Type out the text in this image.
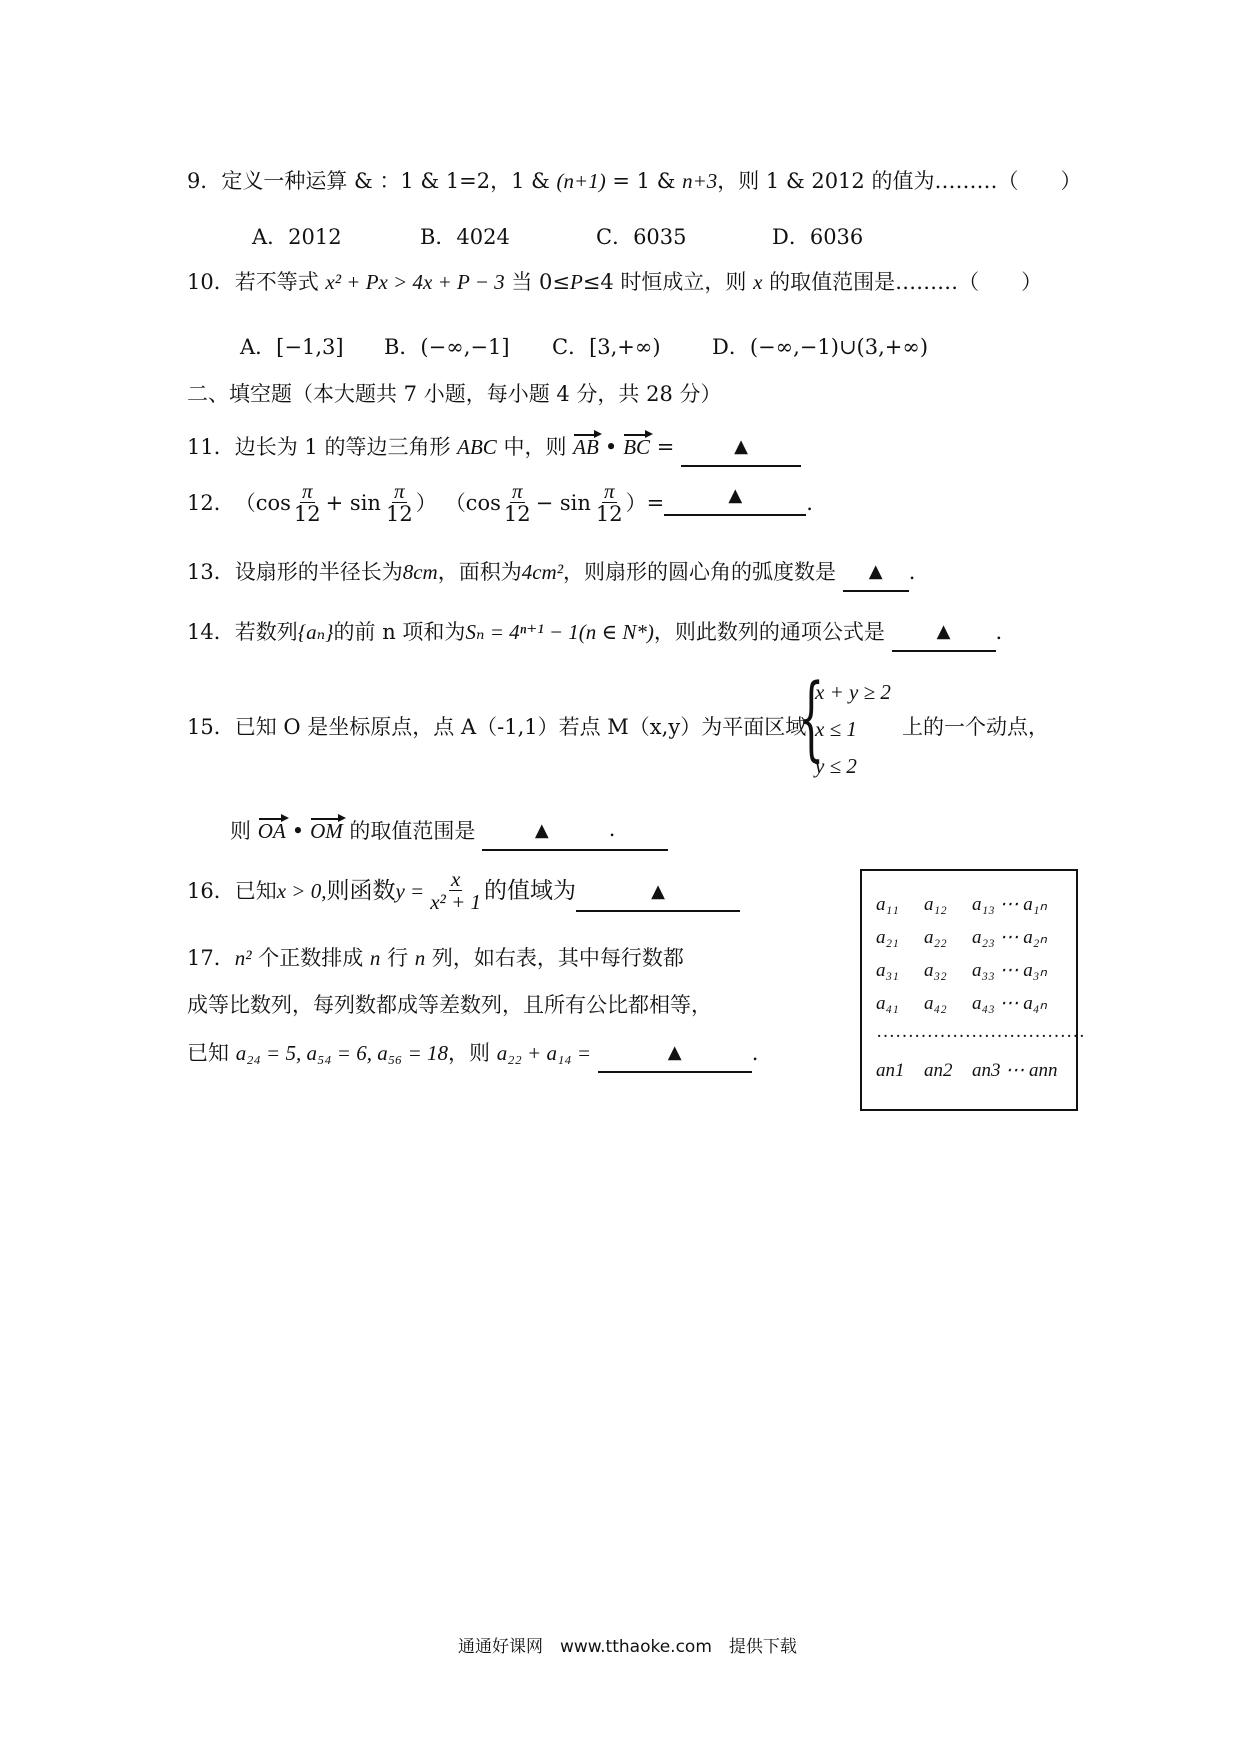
9．定义一种运算 & ：1 & 1=2，1 & (n+1) = 1 & n+3，则 1 & 2012 的值为………（　　）
A．2012	B．4024	C．6035	D．6036
10．若不等式 x² + Px > 4x + P − 3 当 0≤P≤4 时恒成立，则 x 的取值范围是………（　　）
A．[−1,3] B．(−∞,−1] C．[3,+∞) D．(−∞,−1)∪(3,+∞)
二、填空题（本大题共 7 小题，每小题 4 分，共 28 分）
11．边长为 1 的等边三角形 ABC 中，则 AB • BC =	▲
12． （$\cos \frac{\pi}{12} + \sin \frac{\pi}{12}$ ） （$\cos \frac{\pi}{12} - \sin \frac{\pi}{12}$ ）=	▲	.
13．设扇形的半径长为8cm，面积为4cm²，则扇形的圆心角的弧度数是 ▲ .
14．若数列{aₙ}的前 n 项和为Sₙ = 4ⁿ⁺¹ − 1(n ∈ N*)，则此数列的通项公式是	▲ .
15．已知 O 是坐标原点，点 A（-1,1）若点 M（x,y）为平面区域
{
x + y ≥ 2
x ≤ 1
y ≤ 2
上的一个动点，
则 OA • OM 的取值范围是	▲	.
16． 已知 x > 0, 则函数 $y = \frac{x}{\text{x² + 1}}$ 的值域为	▲
17．n² 个正数排成 n 行 n 列，如右表，其中每行数都
成等比数列，每列数都成等差数列，且所有公比都相等，
已知 a₂₄ = 5, a₅₄ = 6, a₅₆ = 18，则 a₂₂ + a₁₄ =	▲	.
a₁₁ a₁₂ a₁₃ ⋯ a₁ₙ
a₂₁ a₂₂ a₂₃ ⋯ a₂ₙ
a₃₁ a₃₂ a₃₃ ⋯ a₃ₙ
a₄₁ a₄₂ a₄₃ ⋯ a₄ₙ
……………………………
an1 an2 an3 ⋯ ann
通通好课网　www.tthaoke.com　提供下载
